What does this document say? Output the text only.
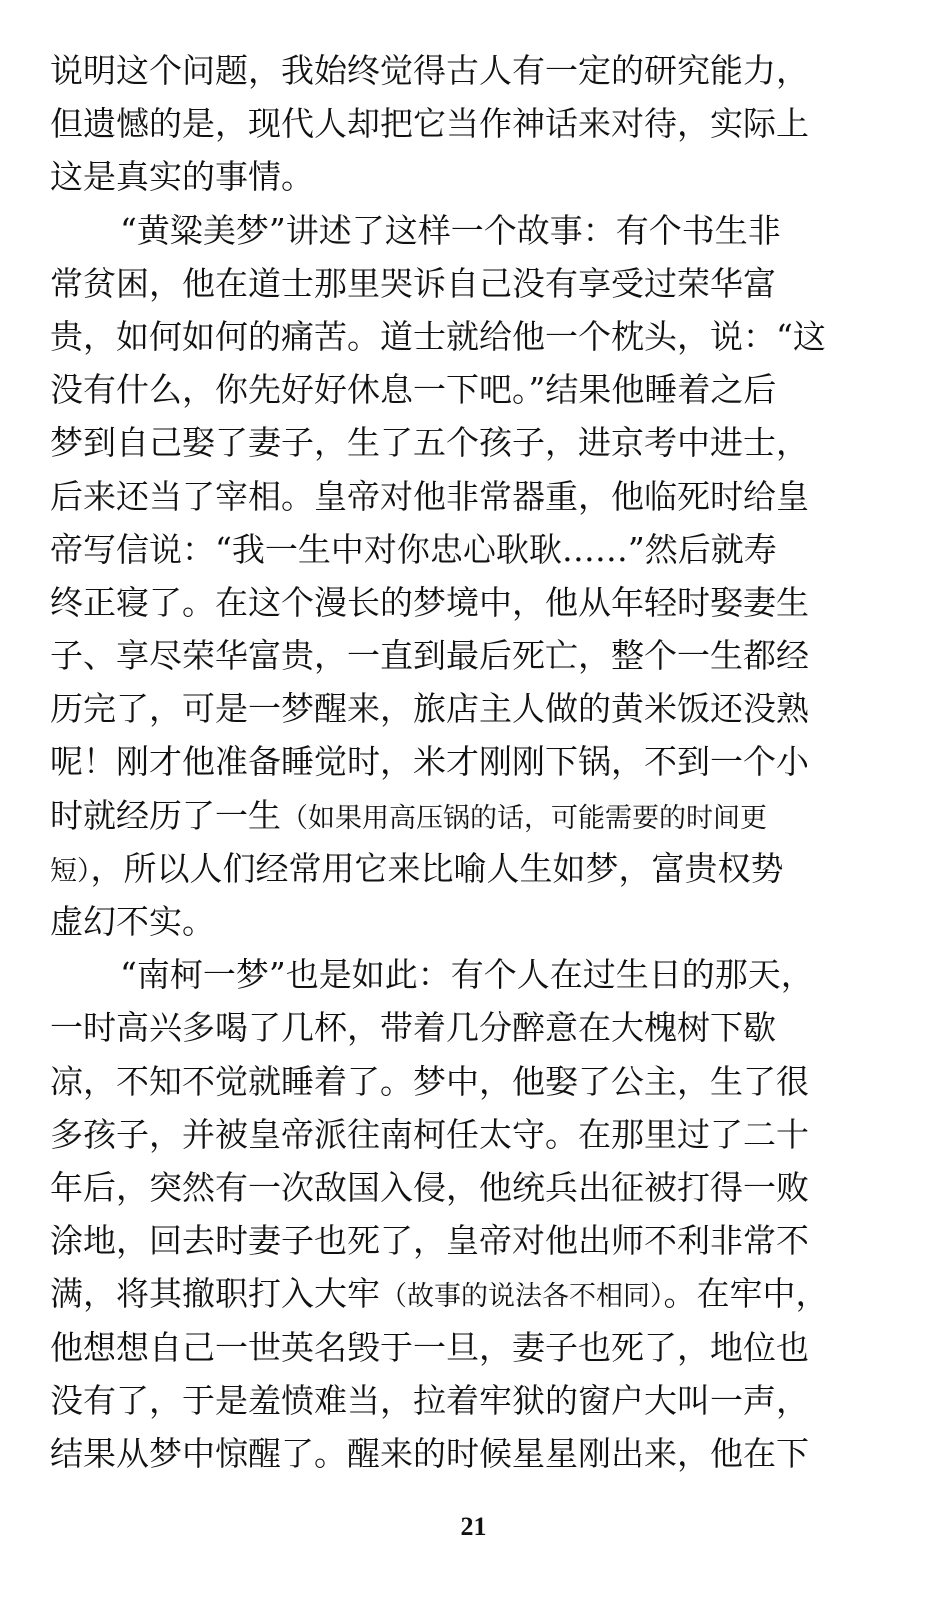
说明这个问题，我始终觉得古人有一定的研究能力，
但遗憾的是，现代人却把它当作神话来对待，实际上
这是真实的事情。
“黄粱美梦”讲述了这样一个故事：有个书生非
常贫困，他在道士那里哭诉自己没有享受过荣华富
贵，如何如何的痛苦。道士就给他一个枕头，说：“这
没有什么，你先好好休息一下吧。”结果他睡着之后
梦到自己娶了妻子，生了五个孩子，进京考中进士，
后来还当了宰相。皇帝对他非常器重，他临死时给皇
帝写信说：“我一生中对你忠心耿耿……”然后就寿
终正寝了。在这个漫长的梦境中，他从年轻时娶妻生
子、享尽荣华富贵，一直到最后死亡，整个一生都经
历完了，可是一梦醒来，旅店主人做的黄米饭还没熟
呢！刚才他准备睡觉时，米才刚刚下锅，不到一个小
时就经历了一生（如果用高压锅的话，可能需要的时间更
短），所以人们经常用它来比喻人生如梦，富贵权势
虚幻不实。
“南柯一梦”也是如此：有个人在过生日的那天，
一时高兴多喝了几杯，带着几分醉意在大槐树下歇
凉，不知不觉就睡着了。梦中，他娶了公主，生了很
多孩子，并被皇帝派往南柯任太守。在那里过了二十
年后，突然有一次敌国入侵，他统兵出征被打得一败
涂地，回去时妻子也死了，皇帝对他出师不利非常不
满，将其撤职打入大牢（故事的说法各不相同）。在牢中，
他想想自己一世英名毁于一旦，妻子也死了，地位也
没有了，于是羞愤难当，拉着牢狱的窗户大叫一声，
结果从梦中惊醒了。醒来的时候星星刚出来，他在下
21
